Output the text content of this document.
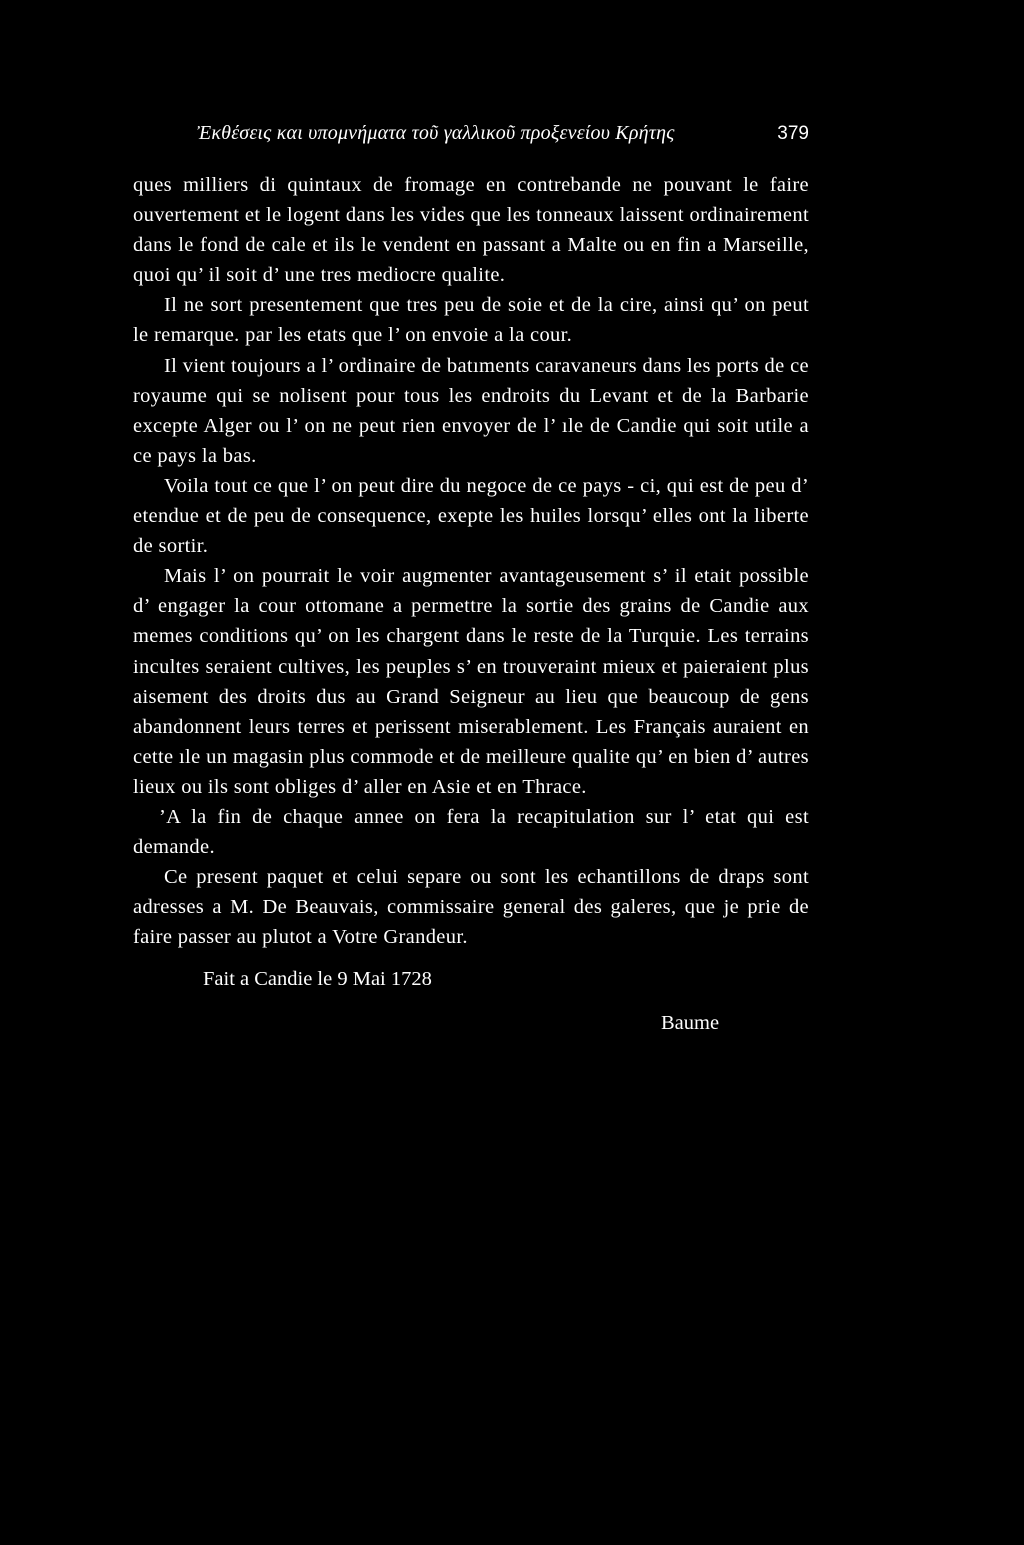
Ἐκθέσεις και υπομνήματα τοῦ γαλλικοῦ προξενείου Κρήτης	379

ques milliers di quintaux de fromage en contrebande ne pouvant le faire ouvertement et le logent dans les vides que les tonneaux laissent ordinairement dans le fond de cale et ils le vendent en passant a Malte ou en fin a Marseille, quoi qu’ il soit d’ une tres mediocre qualite.

Il ne sort presentement que tres peu de soie et de la cire, ainsi qu’ on peut le remarque. par les etats que l’ on envoie a la cour.

Il vient toujours a l’ ordinaire de batıments caravaneurs dans les ports de ce royaume qui se nolisent pour tous les endroits du Levant et de la Barbarie excepte Alger ou l’ on ne peut rien envoyer de l’ ıle de Candie qui soit utile a ce pays la bas.

Voila tout ce que l’ on peut dire du negoce de ce pays - ci, qui est de peu d’ etendue et de peu de consequence, exepte les huiles lorsqu’ elles ont la liberte de sortir.

Mais l’ on pourrait le voir augmenter avantageusement s’ il etait possible d’ engager la cour ottomane a permettre la sortie des grains de Candie aux memes conditions qu’ on les chargent dans le reste de la Turquie. Les terrains incultes seraient cultives, les peuples s’ en trouveraint mieux et paieraient plus aisement des droits dus au Grand Seigneur au lieu que beaucoup de gens abandonnent leurs terres et perissent miserablement. Les Français auraient en cette ıle un magasin plus commode et de meilleure qualite qu’ en bien d’ autres lieux ou ils sont obliges d’ aller en Asie et en Thrace.

’A la fin de chaque annee on fera la recapitulation sur l’ etat qui est demande.

Ce present paquet et celui separe ou sont les echantillons de draps sont adresses a M. De Beauvais, commissaire general des galeres, que je prie de faire passer au plutot a Votre Grandeur.

Fait a Candie le 9 Mai 1728
Baume
